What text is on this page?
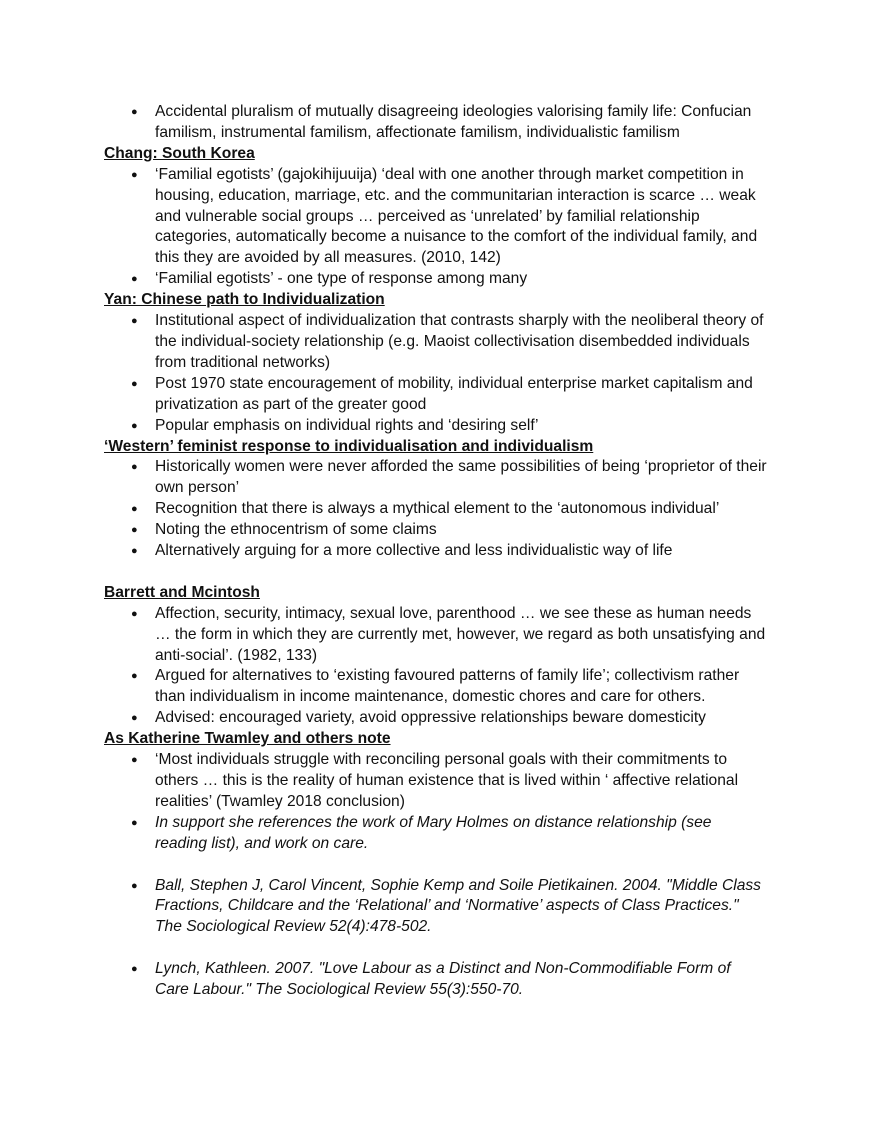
● Accidental pluralism of mutually disagreeing ideologies valorising family life: Confucian
familism, instrumental familism, affectionate familism, individualistic familism
Chang: South Korea
● ‘Familial egotists’ (gajokihijuuija) ‘deal with one another through market competition in
housing, education, marriage, etc. and the communitarian interaction is scarce … weak
and vulnerable social groups … perceived as ‘unrelated’ by familial relationship
categories, automatically become a nuisance to the comfort of the individual family, and
this they are avoided by all measures. (2010, 142)
● ‘Familial egotists’ - one type of response among many
Yan: Chinese path to Individualization
● Institutional aspect of individualization that contrasts sharply with the neoliberal theory of
the individual-society relationship (e.g. Maoist collectivisation disembedded individuals
from traditional networks)
● Post 1970 state encouragement of mobility, individual enterprise market capitalism and
privatization as part of the greater good
● Popular emphasis on individual rights and ‘desiring self’
‘Western’ feminist response to individualisation and individualism
● Historically women were never afforded the same possibilities of being ‘proprietor of their
own person’
● Recognition that there is always a mythical element to the ‘autonomous individual’
● Noting the ethnocentrism of some claims
● Alternatively arguing for a more collective and less individualistic way of life
Barrett and Mcintosh
● Affection, security, intimacy, sexual love, parenthood … we see these as human needs
… the form in which they are currently met, however, we regard as both unsatisfying and
anti-social’. (1982, 133)
● Argued for alternatives to ‘existing favoured patterns of family life’; collectivism rather
than individualism in income maintenance, domestic chores and care for others.
● Advised: encouraged variety, avoid oppressive relationships beware domesticity
As Katherine Twamley and others note
● ‘Most individuals struggle with reconciling personal goals with their commitments to
others … this is the reality of human existence that is lived within ‘ affective relational
realities’ (Twamley 2018 conclusion)
● In support she references the work of Mary Holmes on distance relationship (see
reading list), and work on care.
● Ball, Stephen J, Carol Vincent, Sophie Kemp and Soile Pietikainen. 2004. "Middle Class
Fractions, Childcare and the ‘Relational’ and ‘Normative’ aspects of Class Practices."
The Sociological Review 52(4):478-502.
● Lynch, Kathleen. 2007. "Love Labour as a Distinct and Non-Commodifiable Form of
Care Labour." The Sociological Review 55(3):550-70.
